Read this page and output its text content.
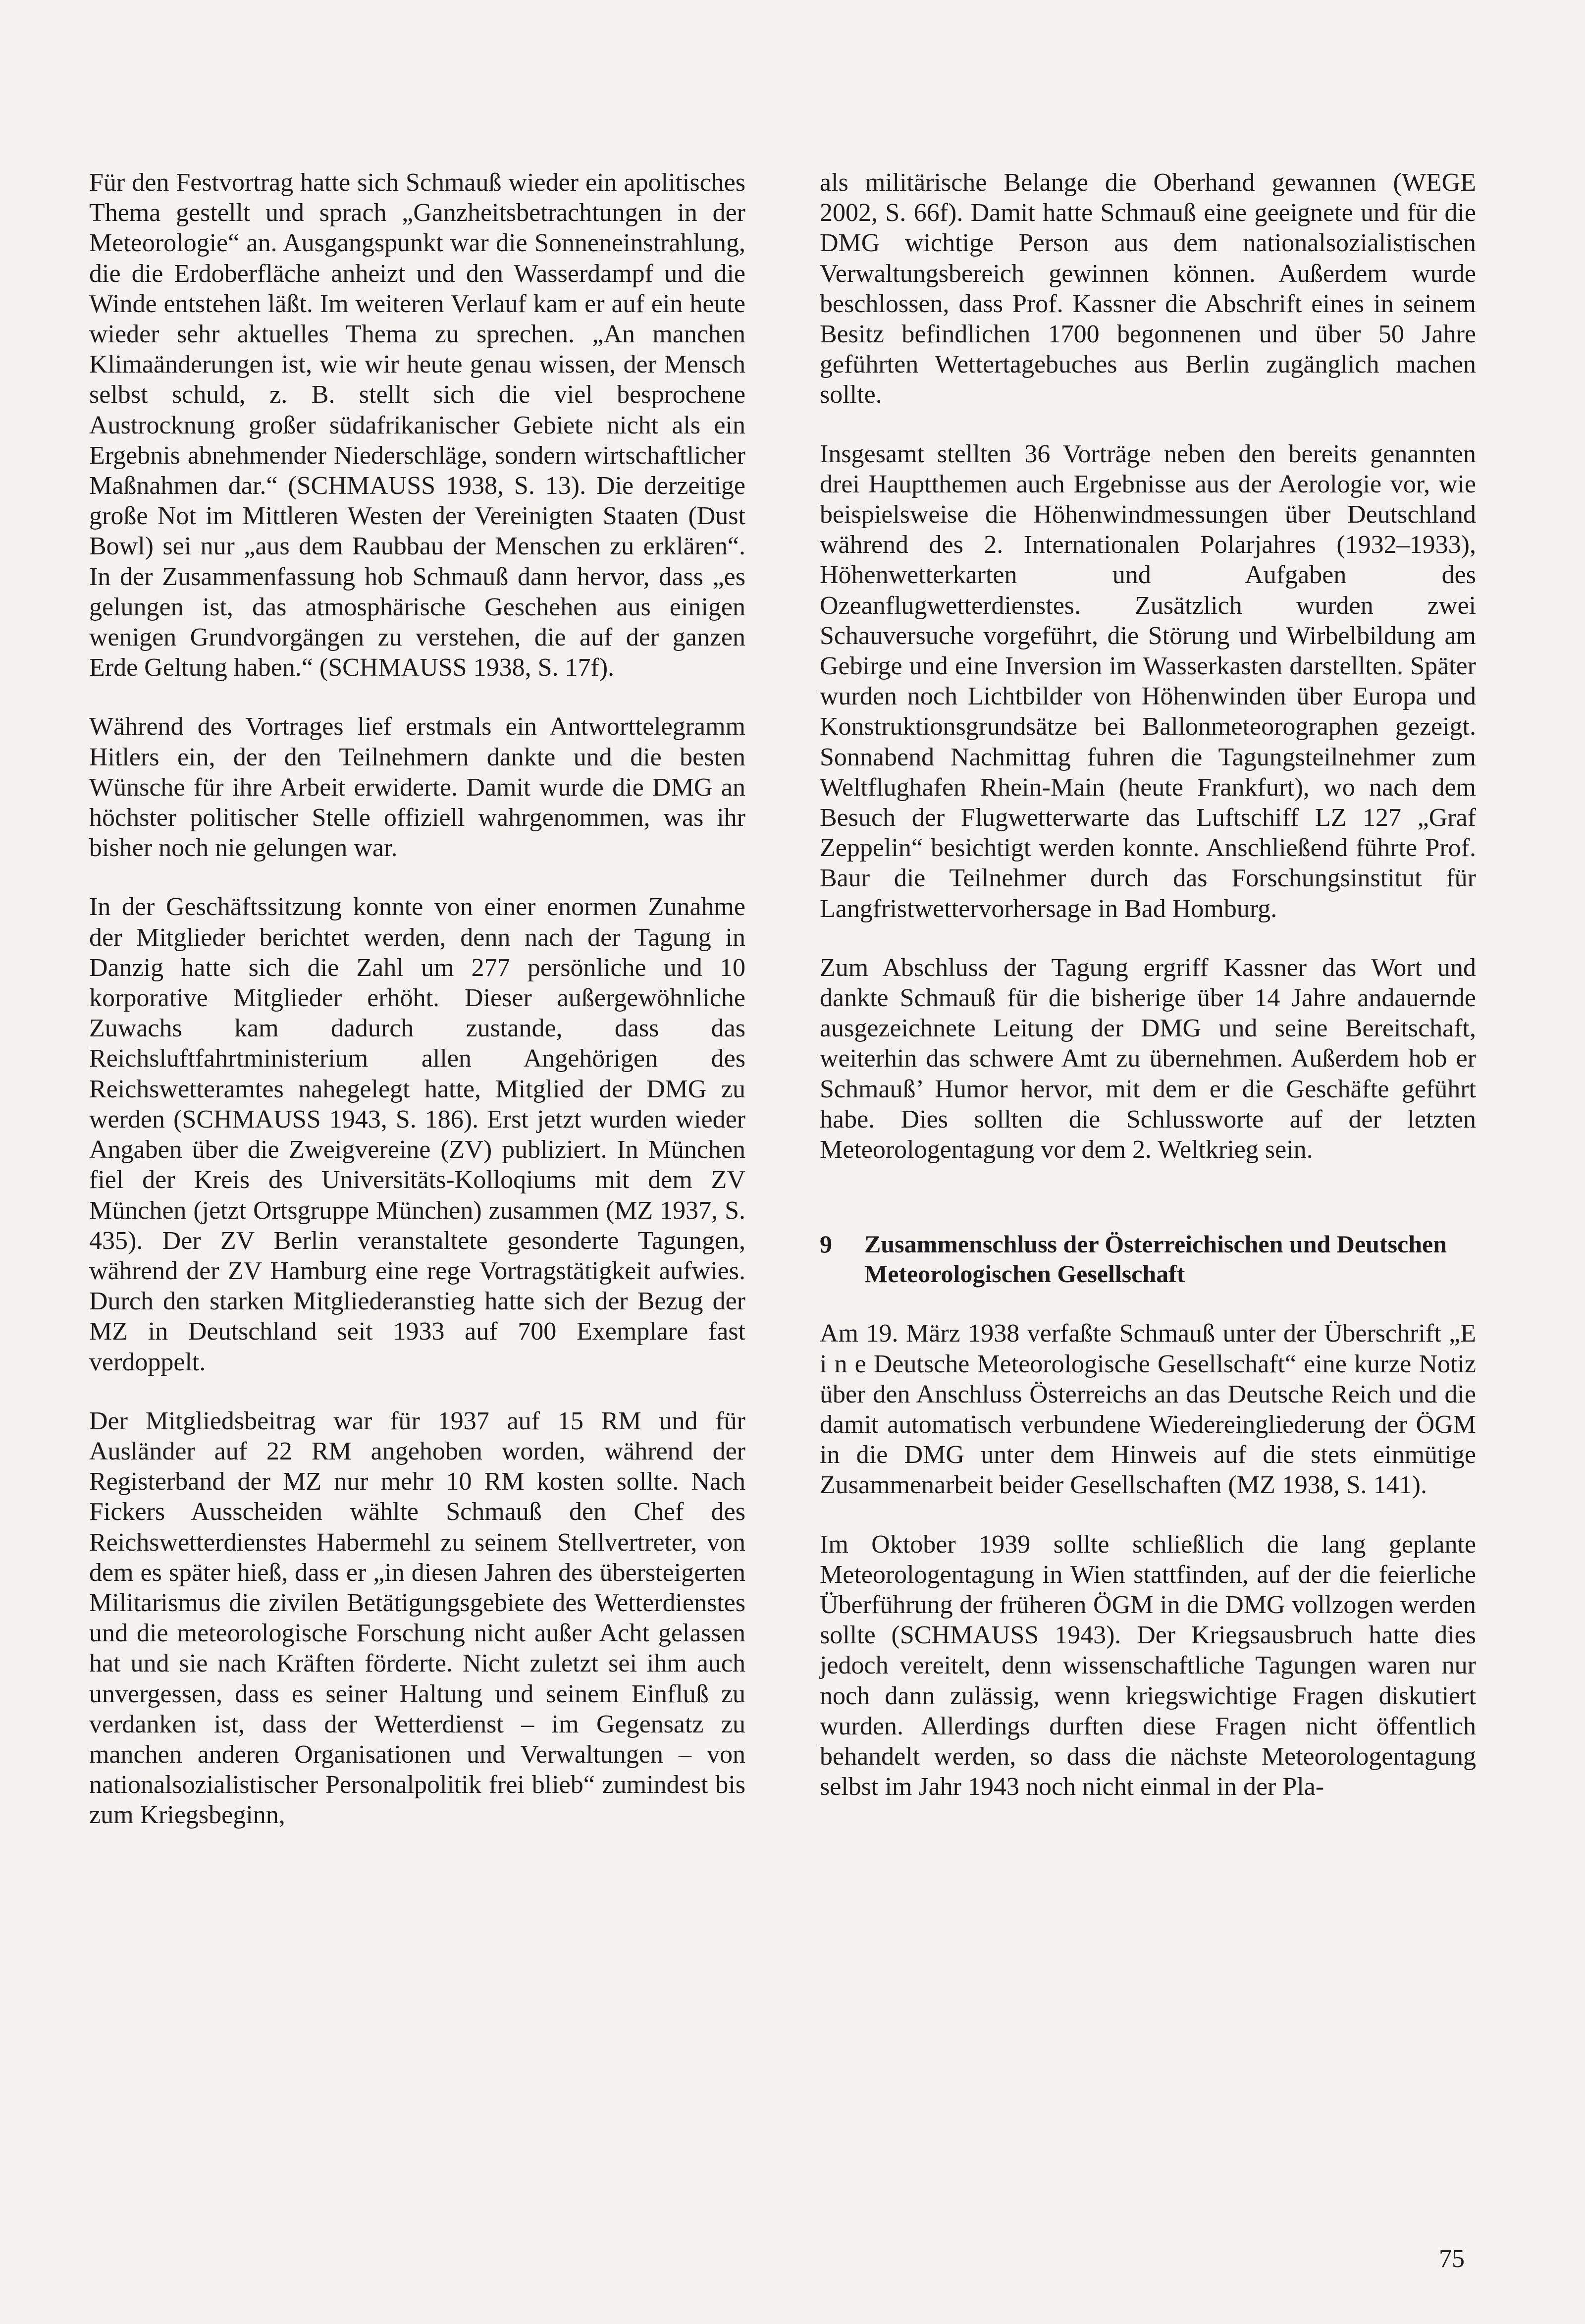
Für den Festvortrag hatte sich Schmauß wieder ein apolitisches Thema gestellt und sprach „Ganzheitsbetrachtungen in der Meteorologie“ an. Ausgangspunkt war die Sonneneinstrahlung, die die Erdoberfläche anheizt und den Wasserdampf und die Winde entstehen läßt. Im weiteren Verlauf kam er auf ein heute wieder sehr aktuelles Thema zu sprechen. „An manchen Klimaänderungen ist, wie wir heute genau wissen, der Mensch selbst schuld, z. B. stellt sich die viel besprochene Austrocknung großer südafrikanischer Gebiete nicht als ein Ergebnis abnehmender Niederschläge, sondern wirtschaftlicher Maßnahmen dar.“ (SCHMAUSS 1938, S. 13). Die derzeitige große Not im Mittleren Westen der Vereinigten Staaten (Dust Bowl) sei nur „aus dem Raubbau der Menschen zu erklären“. In der Zusammenfassung hob Schmauß dann hervor, dass „es gelungen ist, das atmosphärische Geschehen aus einigen wenigen Grundvorgängen zu verstehen, die auf der ganzen Erde Geltung haben.“ (SCHMAUSS 1938, S. 17f).

Während des Vortrages lief erstmals ein Antworttelegramm Hitlers ein, der den Teilnehmern dankte und die besten Wünsche für ihre Arbeit erwiderte. Damit wurde die DMG an höchster politischer Stelle offiziell wahrgenommen, was ihr bisher noch nie gelungen war.

In der Geschäftssitzung konnte von einer enormen Zunahme der Mitglieder berichtet werden, denn nach der Tagung in Danzig hatte sich die Zahl um 277 persönliche und 10 korporative Mitglieder erhöht. Dieser außergewöhnliche Zuwachs kam dadurch zustande, dass das Reichsluftfahrtministerium allen Angehörigen des Reichswetteramtes nahegelegt hatte, Mitglied der DMG zu werden (SCHMAUSS 1943, S. 186). Erst jetzt wurden wieder Angaben über die Zweigvereine (ZV) publiziert. In München fiel der Kreis des Universitäts-Kolloqiums mit dem ZV München (jetzt Ortsgruppe München) zusammen (MZ 1937, S. 435). Der ZV Berlin veranstaltete gesonderte Tagungen, während der ZV Hamburg eine rege Vortragstätigkeit aufwies. Durch den starken Mitgliederanstieg hatte sich der Bezug der MZ in Deutschland seit 1933 auf 700 Exemplare fast verdoppelt.

Der Mitgliedsbeitrag war für 1937 auf 15 RM und für Ausländer auf 22 RM angehoben worden, während der Registerband der MZ nur mehr 10 RM kosten sollte. Nach Fickers Ausscheiden wählte Schmauß den Chef des Reichswetterdienstes Habermehl zu seinem Stellvertreter, von dem es später hieß, dass er „in diesen Jahren des übersteigerten Militarismus die zivilen Betätigungsgebiete des Wetterdienstes und die meteorologische Forschung nicht außer Acht gelassen hat und sie nach Kräften förderte. Nicht zuletzt sei ihm auch unvergessen, dass es seiner Haltung und seinem Einfluß zu verdanken ist, dass der Wetterdienst – im Gegensatz zu manchen anderen Organisationen und Verwaltungen – von nationalsozialistischer Personalpolitik frei blieb“ zumindest bis zum Kriegsbeginn,

als militärische Belange die Oberhand gewannen (WEGE 2002, S. 66f). Damit hatte Schmauß eine geeignete und für die DMG wichtige Person aus dem nationalsozialistischen Verwaltungsbereich gewinnen können. Außerdem wurde beschlossen, dass Prof. Kassner die Abschrift eines in seinem Besitz befindlichen 1700 begonnenen und über 50 Jahre geführten Wettertagebuches aus Berlin zugänglich machen sollte.

Insgesamt stellten 36 Vorträge neben den bereits genannten drei Hauptthemen auch Ergebnisse aus der Aerologie vor, wie beispielsweise die Höhenwindmessungen über Deutschland während des 2. Internationalen Polarjahres (1932–1933), Höhenwetterkarten und Aufgaben des Ozeanflugwetterdienstes. Zusätzlich wurden zwei Schauversuche vorgeführt, die Störung und Wirbelbildung am Gebirge und eine Inversion im Wasserkasten darstellten. Später wurden noch Lichtbilder von Höhenwinden über Europa und Konstruktionsgrundsätze bei Ballonmeteorographen gezeigt. Sonnabend Nachmittag fuhren die Tagungsteilnehmer zum Weltflughafen Rhein-Main (heute Frankfurt), wo nach dem Besuch der Flugwetterwarte das Luftschiff LZ 127 „Graf Zeppelin“ besichtigt werden konnte. Anschließend führte Prof. Baur die Teilnehmer durch das Forschungsinstitut für Langfristwettervorhersage in Bad Homburg.

Zum Abschluss der Tagung ergriff Kassner das Wort und dankte Schmauß für die bisherige über 14 Jahre andauernde ausgezeichnete Leitung der DMG und seine Bereitschaft, weiterhin das schwere Amt zu übernehmen. Außerdem hob er Schmauß’ Humor hervor, mit dem er die Geschäfte geführt habe. Dies sollten die Schlussworte auf der letzten Meteorologentagung vor dem 2. Weltkrieg sein.

9	Zusammenschluss der Österreichischen und Deutschen Meteorologischen Gesellschaft

Am 19. März 1938 verfaßte Schmauß unter der Überschrift „E i n e Deutsche Meteorologische Gesellschaft“ eine kurze Notiz über den Anschluss Österreichs an das Deutsche Reich und die damit automatisch verbundene Wiedereingliederung der ÖGM in die DMG unter dem Hinweis auf die stets einmütige Zusammenarbeit beider Gesellschaften (MZ 1938, S. 141).

Im Oktober 1939 sollte schließlich die lang geplante Meteorologentagung in Wien stattfinden, auf der die feierliche Überführung der früheren ÖGM in die DMG vollzogen werden sollte (SCHMAUSS 1943). Der Kriegsausbruch hatte dies jedoch vereitelt, denn wissenschaftliche Tagungen waren nur noch dann zulässig, wenn kriegswichtige Fragen diskutiert wurden. Allerdings durften diese Fragen nicht öffentlich behandelt werden, so dass die nächste Meteorologentagung selbst im Jahr 1943 noch nicht einmal in der Pla-

75
